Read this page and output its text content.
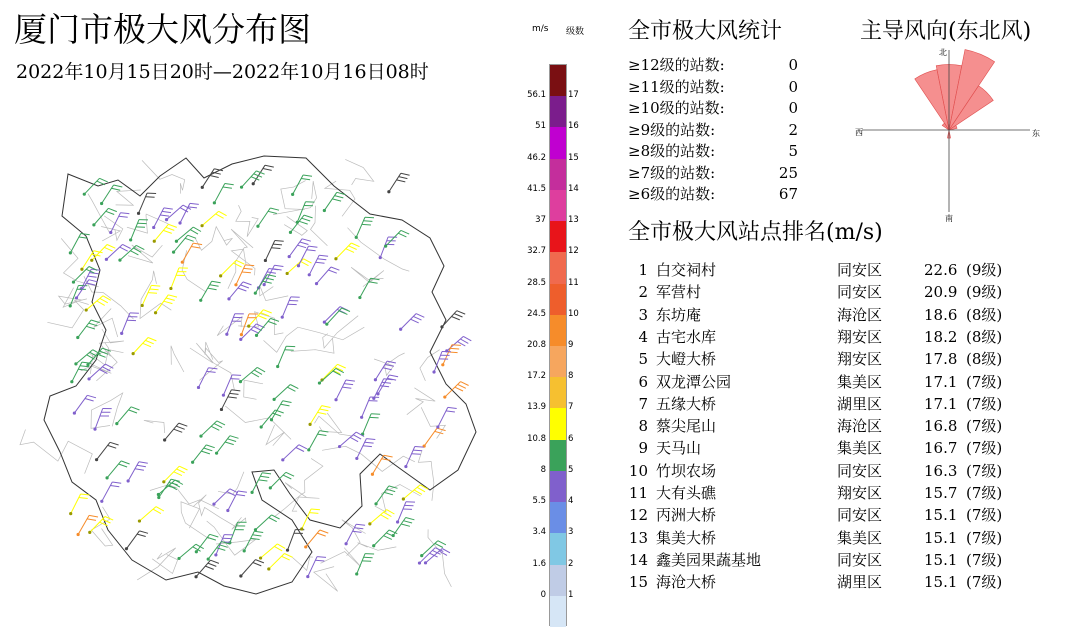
厦门市极大风分布图
2022年10月15日20时—2022年10月16日08时
m/s 级数
56.1
51
46.2
41.5
37
32.7
28.5
24.5
20.8
17.2
13.9
10.8
8
5.5
3.4
1.6
0
17
16
15
14
13
12
11
10
9
8
7
6
5
4
3
2
1
全市极大风统计
≥12级的站数:	0
≥11级的站数:	0
≥10级的站数:	0
≥9级的站数:	2
≥8级的站数:	5
≥7级的站数:	25
≥6级的站数:	67
主导风向(东北风)
北
南
东
西
全市极大风站点排名(m/s)
1 白交祠村	同安区	22.6 (9级)
2 军营村	同安区	20.9 (9级)
3 东坊庵	海沧区	18.6 (8级)
4 古宅水库	翔安区	18.2 (8级)
5 大嶝大桥	翔安区	17.8 (8级)
6 双龙潭公园	集美区	17.1 (7级)
7 五缘大桥	湖里区	17.1 (7级)
8 蔡尖尾山	海沧区	16.8 (7级)
9 天马山	集美区	16.7 (7级)
10 竹坝农场	同安区	16.3 (7级)
11 大有头礁	翔安区	15.7 (7级)
12 丙洲大桥	同安区	15.1 (7级)
13 集美大桥	集美区	15.1 (7级)
14 鑫美园果蔬基地	同安区	15.1 (7级)
15 海沧大桥	湖里区	15.1 (7级)
